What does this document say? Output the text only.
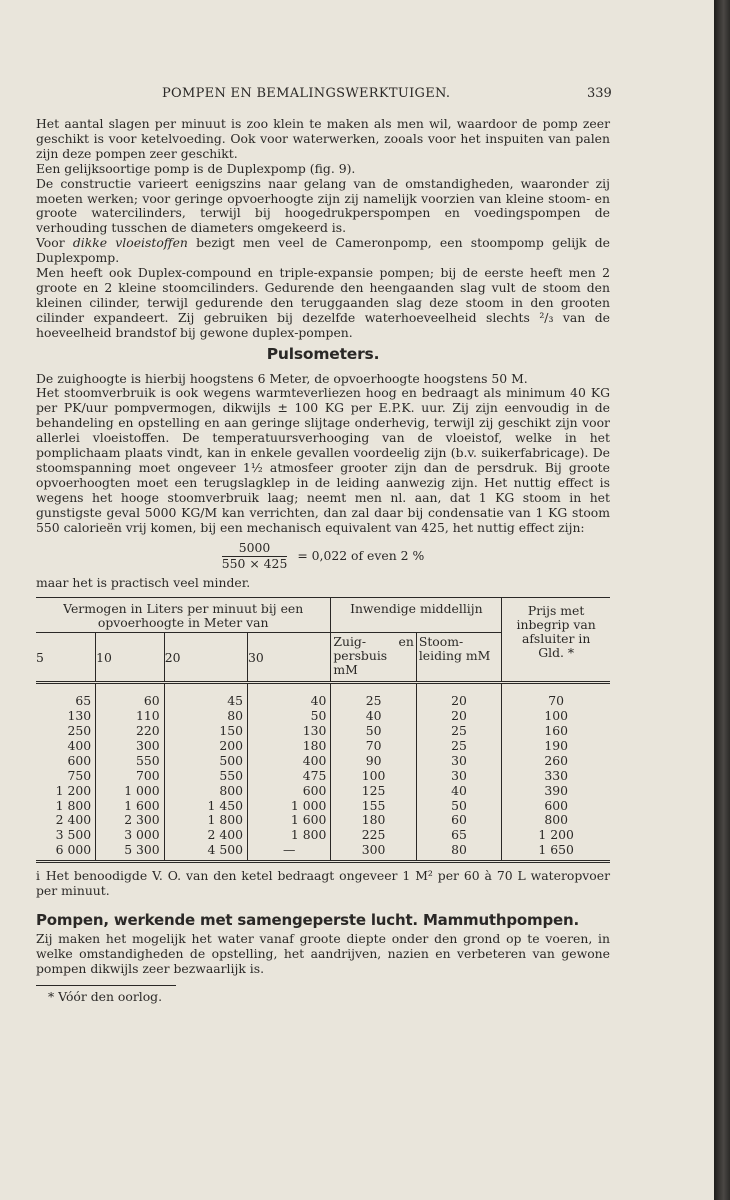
POMPEN EN BEMALINGSWERKTUIGEN.	339

Het aantal slagen per minuut is zoo klein te maken als men wil, waardoor de pomp zeer geschikt is voor ketelvoeding. Ook voor waterwerken, zooals voor het inspuiten van palen zijn deze pompen zeer geschikt.

Een gelijksoortige pomp is de Duplexpomp (fig. 9).

De constructie varieert eenigszins naar gelang van de omstandigheden, waaronder zij moeten werken; voor geringe opvoerhoogte zijn zij namelijk voorzien van kleine stoom- en groote watercilinders, terwijl bij hoogedrukperspompen en voedingspompen de verhouding tusschen de diameters omgekeerd is.

Voor dikke vloeistoffen bezigt men veel de Cameronpomp, een stoompomp gelijk de Duplexpomp.

Men heeft ook Duplex-compound en triple-expansie pompen; bij de eerste heeft men 2 groote en 2 kleine stoomcilinders. Gedurende den heengaanden slag vult de stoom den kleinen cilinder, terwijl gedurende den teruggaanden slag deze stoom in den grooten cilinder expandeert. Zij gebruiken bij dezelfde waterhoeveelheid slechts ²/₃ van de hoeveelheid brandstof bij gewone duplex-pompen.

Pulsometers.

De zuighoogte is hierbij hoogstens 6 Meter, de opvoerhoogte hoogstens 50 M.

Het stoomverbruik is ook wegens warmteverliezen hoog en bedraagt als minimum 40 KG per PK/uur pompvermogen, dikwijls ± 100 KG per E.P.K. uur. Zij zijn eenvoudig in de behandeling en opstelling en aan geringe slijtage onderhevig, terwijl zij geschikt zijn voor allerlei vloeistoffen. De temperatuursverhooging van de vloeistof, welke in het pomplichaam plaats vindt, kan in enkele gevallen voordeelig zijn (b.v. suikerfabricage). De stoomspanning moet ongeveer 1½ atmosfeer grooter zijn dan de persdruk. Bij groote opvoerhoogten moet een terugslagklep in de leiding aanwezig zijn. Het nuttig effect is wegens het hooge stoomverbruik laag; neemt men nl. aan, dat 1 KG stoom in het gunstigste geval 5000 KG/M kan verrichten, dan zal daar bij condensatie van 1 KG stoom 550 calorieën vrij komen, bij een mechanisch equivalent van 425, het nuttig effect zijn:

$\frac{5000}{550 \times 425} = 0,022$ of even 2 %

maar het is practisch veel minder.

Vermogen in Liters per minuut bij een opvoerhoogte in Meter van				Inwendige middellijn		Prijs met inbegrip van afsluiter in Gld. *
5	10	20	30	Zuig- en persbuis mM	Stoom-leiding mM	
65	60	45	40	25	20	70
130	110	80	50	40	20	100
250	220	150	130	50	25	160
400	300	200	180	70	25	190
600	550	500	400	90	30	260
750	700	550	475	100	30	330
1 200	1 000	800	600	125	40	390
1 800	1 600	1 450	1 000	155	50	600
2 400	2 300	1 800	1 600	180	60	800
3 500	3 000	2 400	1 800	225	65	1 200
6 000	5 300	4 500	—	300	80	1 650

ⅰ Het benoodigde V. O. van den ketel bedraagt ongeveer 1 M² per 60 à 70 L wateropvoer per minuut.

Pompen, werkende met samengeperste lucht. Mammuthpompen.

Zij maken het mogelijk het water vanaf groote diepte onder den grond op te voeren, in welke omstandigheden de opstelling, het aandrijven, nazien en verbeteren van gewone pompen dikwijls zeer bezwaarlijk is.

* Vóór den oorlog.
